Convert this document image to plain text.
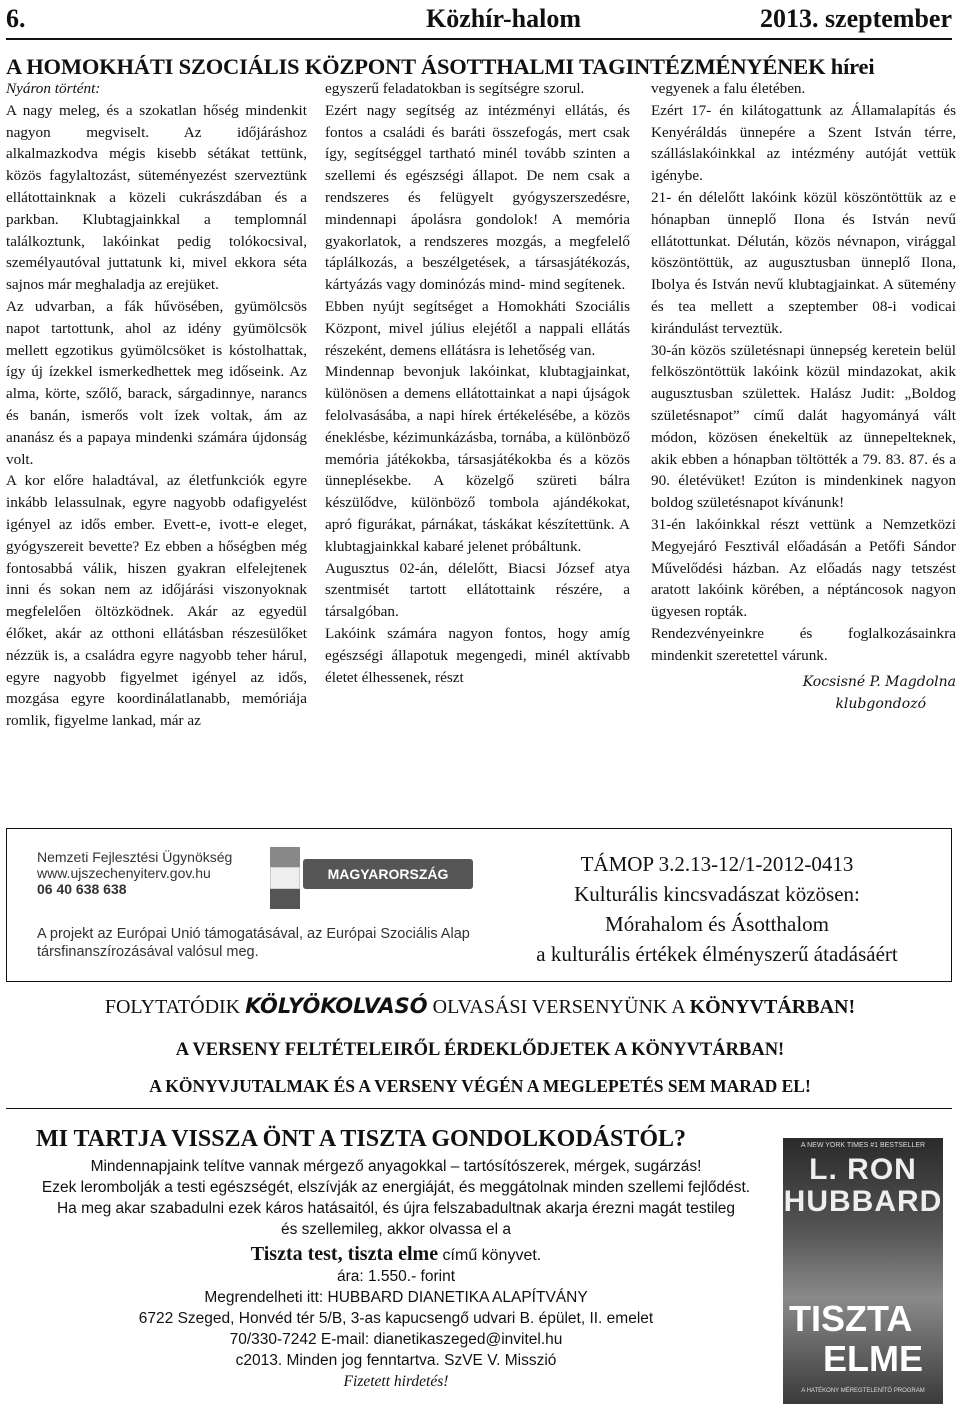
6.	Közhír-halom	2013. szeptember
A HOMOKHÁTI SZOCIÁLIS KÖZPONT ÁSOTTHALMI TAGINTÉZMÉNYÉNEK hírei

Nyáron történt:

A nagy meleg, és a szokatlan hőség mindenkit nagyon megviselt. Az időjáráshoz alkalmazkodva mégis kisebb sétákat tettünk, közös fagylaltozást, süteményezést szerveztünk ellátottainknak a közeli cukrászdában és a parkban. Klubtagjainkkal a templomnál találkoztunk, lakóinkat pedig tolókocsival, személyautóval juttatunk ki, mivel ekkora séta sajnos már meghaladja az erejüket.

Az udvarban, a fák hűvösében, gyümölcsös napot tartottunk, ahol az idény gyümölcsök mellett egzotikus gyümölcsöket is kóstolhattak, így új ízekkel ismerkedhettek meg időseink. Az alma, körte, szőlő, barack, sárgadinnye, narancs és banán, ismerős volt ízek voltak, ám az ananász és a papaya mindenki számára újdonság volt.

A kor előre haladtával, az életfunkciók egyre inkább lelassulnak, egyre nagyobb odafigyelést igényel az idős ember. Evett-e, ivott-e eleget, gyógyszereit bevette? Ez ebben a hőségben még fontosabbá válik, hiszen gyakran elfelejtenek inni és sokan nem az időjárási viszonyoknak megfelelően öltözködnek. Akár az egyedül élőket, akár az otthoni ellátásban részesülőket nézzük is, a családra egyre nagyobb teher hárul, egyre nagyobb figyelmet igényel az idős, mozgása egyre koordinálatlanabb, memóriája romlik, figyelme lankad, már az

egyszerű feladatokban is segítségre szorul.

Ezért nagy segítség az intézményi ellátás, és fontos a családi és baráti összefogás, mert csak így, segítséggel tartható minél tovább szinten a szellemi és egészségi állapot. De nem csak a rendszeres és felügyelt gyógyszerszedésre, mindennapi ápolásra gondolok! A memória gyakorlatok, a rendszeres mozgás, a megfelelő táplálkozás, a beszélgetések, a társasjátékozás, kártyázás vagy dominózás mind- mind segítenek.

Ebben nyújt segítséget a Homokháti Szociális Központ, mivel július elejétől a nappali ellátás részeként, demens ellátásra is lehetőség van.

Mindennap bevonjuk lakóinkat, klubtagjainkat, különösen a demens ellátottainkat a napi újságok felolvasásába, a napi hírek értékelésébe, a közös éneklésbe, kézimunkázásba, tornába, a különböző memória játékokba, társasjátékokba és a közös ünneplésekbe. A közelgő szüreti bálra készülődve, különböző tombola ajándékokat, apró figurákat, párnákat, táskákat készítettünk. A klubtagjainkkal kabaré jelenet próbáltunk.

Augusztus 02-án, délelőtt, Biacsi József atya szentmisét tartott ellátottaink részére, a társalgóban.

Lakóink számára nagyon fontos, hogy amíg egészségi állapotuk megengedi, minél aktívabb életet élhessenek, részt

vegyenek a falu életében.

Ezért 17- én kilátogattunk az Államalapítás és Kenyéráldás ünnepére a Szent István térre, szálláslakóinkkal az intézmény autóját vettük igénybe.

21- én délelőtt lakóink közül köszöntöttük az e hónapban ünneplő Ilona és István nevű ellátottunkat. Délután, közös névnapon, virággal köszöntöttük, az augusztusban ünneplő Ilona, Ibolya és István nevű klubtagjainkat. A sütemény és tea mellett a szeptember 08-i vodicai kirándulást terveztük.

30-án közös születésnapi ünnepség keretein belül felköszöntöttük lakóink közül mindazokat, akik augusztusban születtek. Halász Judit: „Boldog születésnapot” című dalát hagyományá vált módon, közösen énekeltük az ünnepelteknek, akik ebben a hónapban töltötték a 79. 83. 87. és a 90. életévüket! Ezúton is mindenkinek nagyon boldog születésnapot kívánunk!

31-én lakóinkkal részt vettünk a Nemzetközi Megyejáró Fesztivál előadásán a Petőfi Sándor Művelődési házban. Az előadás nagy tetszést aratott lakóink körében, a néptáncosok nagyon ügyesen ropták.

Rendezvényeinkre és foglalkozásainkra mindenkit szeretettel várunk.

Kocsisné P. Magdolna
klubgondozó
Nemzeti Fejlesztési Ügynökség
www.ujszechenyiterv.gov.hu
06 40 638 638
MAGYARORSZÁG MEGÚJUL
A projekt az Európai Unió támogatásával, az Európai Szociális Alap társfinanszírozásával valósul meg.
TÁMOP 3.2.13-12/1-2012-0413
Kulturális kincsvadászat közösen:
Mórahalom és Ásotthalom
a kulturális értékek élményszerű átadásáért
FOLYTATÓDIK KÖLYÖKOLVASÓ OLVASÁSI VERSENYÜNK A KÖNYVTÁRBAN!
A VERSENY FELTÉTELEIRŐL ÉRDEKLŐDJETEK A KÖNYVTÁRBAN!
A KÖNYVJUTALMAK ÉS A VERSENY VÉGÉN A MEGLEPETÉS SEM MARAD EL!
MI TARTJA VISSZA ÖNT A TISZTA GONDOLKODÁSTÓL?
Mindennapjaink telítve vannak mérgező anyagokkal – tartósítószerek, mérgek, sugárzás!
Ezek lerombolják a testi egészségét, elszívják az energiáját, és meggátolnak minden szellemi fejlődést.
Ha meg akar szabadulni ezek káros hatásaitól, és újra felszabadultnak akarja érezni magát testileg
és szellemileg, akkor olvassa el a
Tiszta test, tiszta elme című könyvet.
ára: 1.550.- forint
Megrendelheti itt: HUBBARD DIANETIKA ALAPÍTVÁNY
6722 Szeged, Honvéd tér 5/B, 3-as kapucsengő udvari B. épület, II. emelet
70/330-7242 E-mail: dianetikaszeged@invitel.hu
c2013. Minden jog fenntartva. SzVE V. Misszió
Fizetett hirdetés!
A NEW YORK TIMES #1 BESTSELLER
L. RON
HUBBARD
TISZTA
ELME
A HATÉKONY MÉREGTELENÍTŐ PROGRAM
